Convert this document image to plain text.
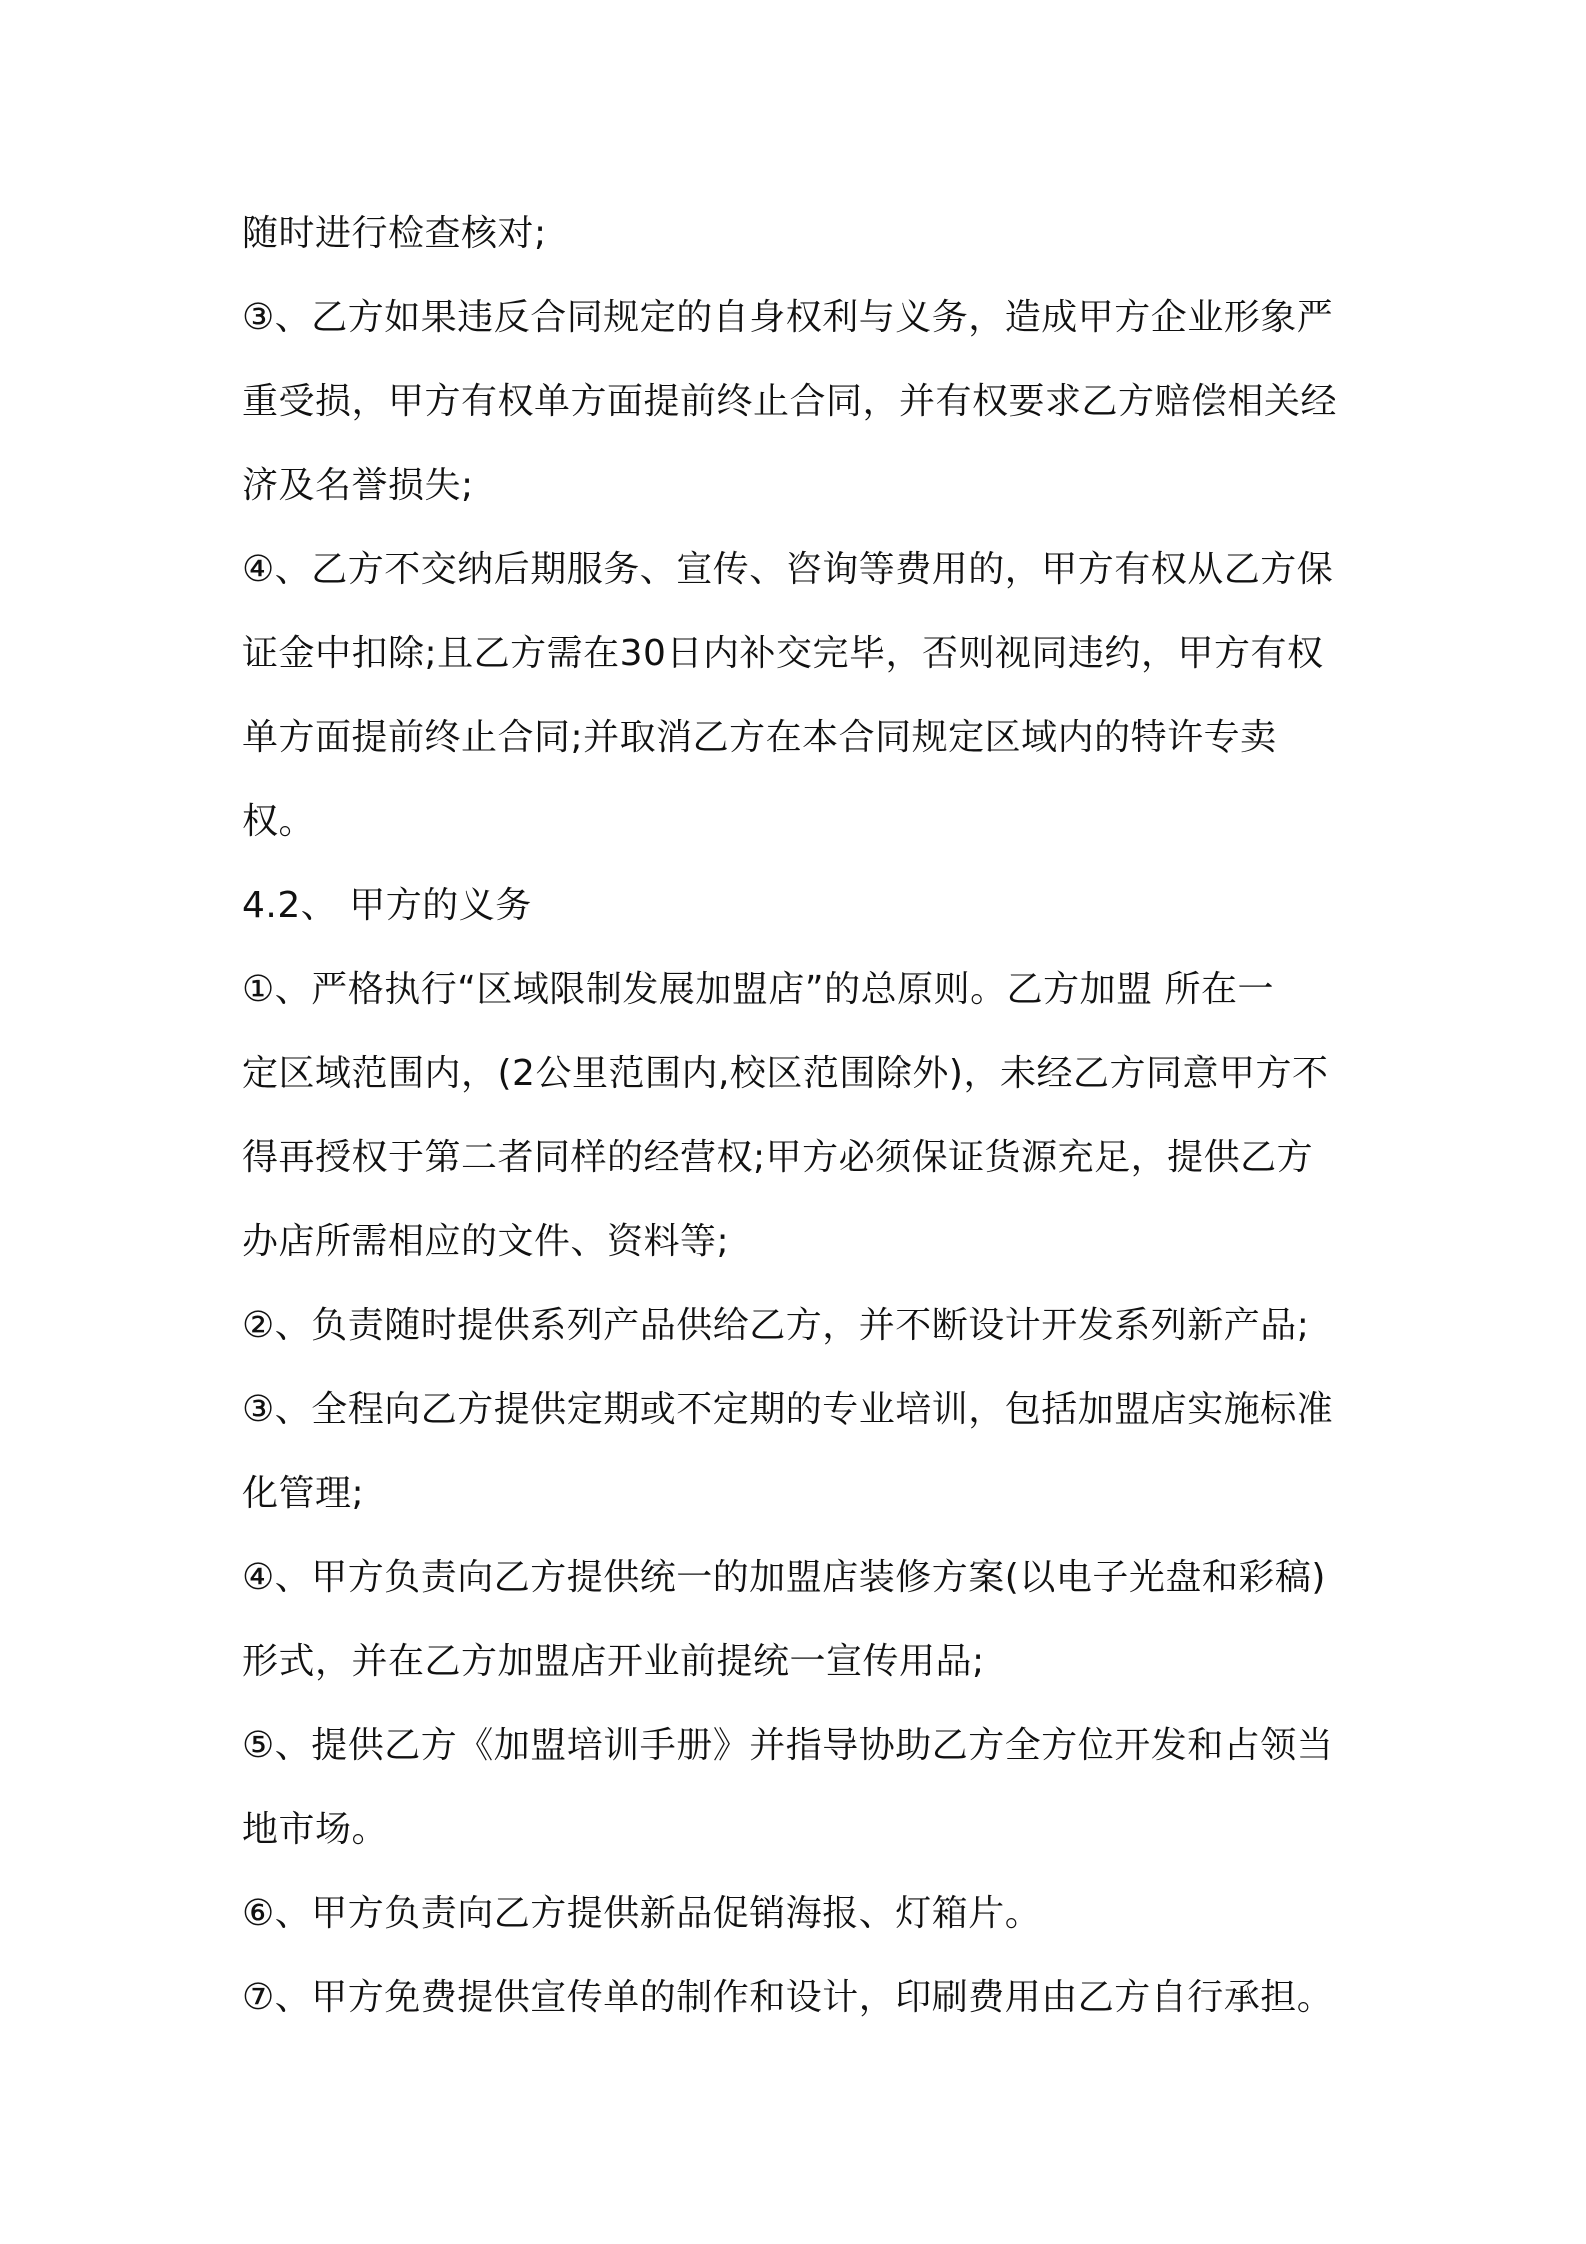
随时进行检查核对;
③、乙方如果违反合同规定的自身权利与义务，造成甲方企业形象严
重受损，甲方有权单方面提前终止合同，并有权要求乙方赔偿相关经
济及名誉损失;
④、乙方不交纳后期服务、宣传、咨询等费用的，甲方有权从乙方保
证金中扣除;且乙方需在30日内补交完毕，否则视同违约，甲方有权
单方面提前终止合同;并取消乙方在本合同规定区域内的特许专卖
权。
4.2、 甲方的义务
①、严格执行“区域限制发展加盟店”的总原则。乙方加盟 所在一
定区域范围内，(2公里范围内,校区范围除外)，未经乙方同意甲方不
得再授权于第二者同样的经营权;甲方必须保证货源充足，提供乙方
办店所需相应的文件、资料等;
②、负责随时提供系列产品供给乙方，并不断设计开发系列新产品;
③、全程向乙方提供定期或不定期的专业培训，包括加盟店实施标准
化管理;
④、甲方负责向乙方提供统一的加盟店装修方案(以电子光盘和彩稿)
形式，并在乙方加盟店开业前提统一宣传用品;
⑤、提供乙方《加盟培训手册》并指导协助乙方全方位开发和占领当
地市场。
⑥、甲方负责向乙方提供新品促销海报、灯箱片。
⑦、甲方免费提供宣传单的制作和设计，印刷费用由乙方自行承担。
